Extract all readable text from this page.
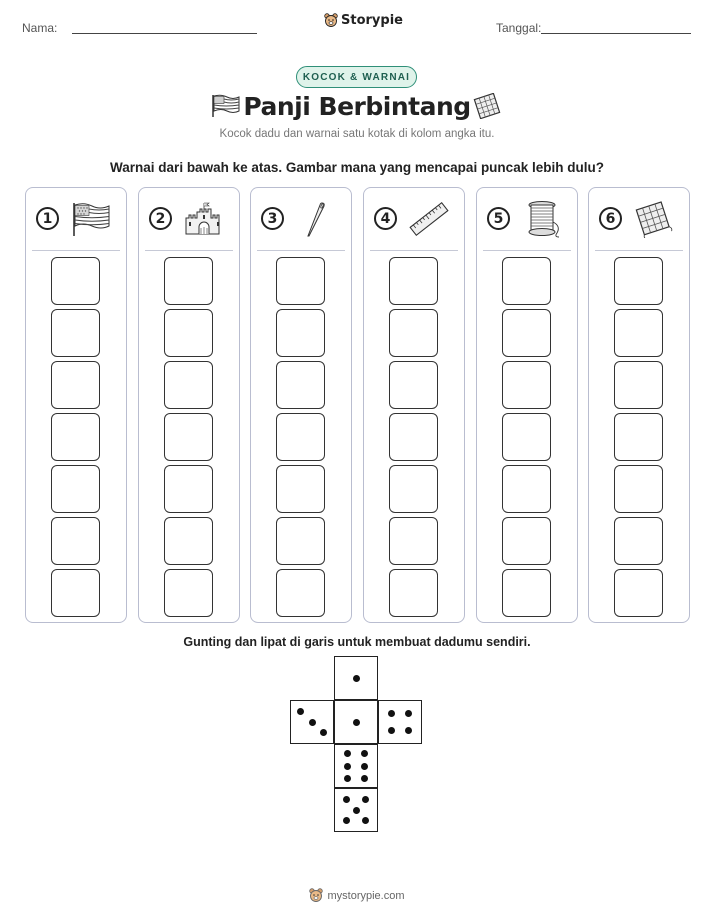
Nama:	Storypie	Tanggal:
KOCOK & WARNAI
Panji Berbintang
Kocok dadu dan warnai satu kotak di kolom angka itu.
Warnai dari bawah ke atas. Gambar mana yang mencapai puncak lebih dulu?
1	2	3	4	5	6
Gunting dan lipat di garis untuk membuat dadumu sendiri.
mystorypie.com
